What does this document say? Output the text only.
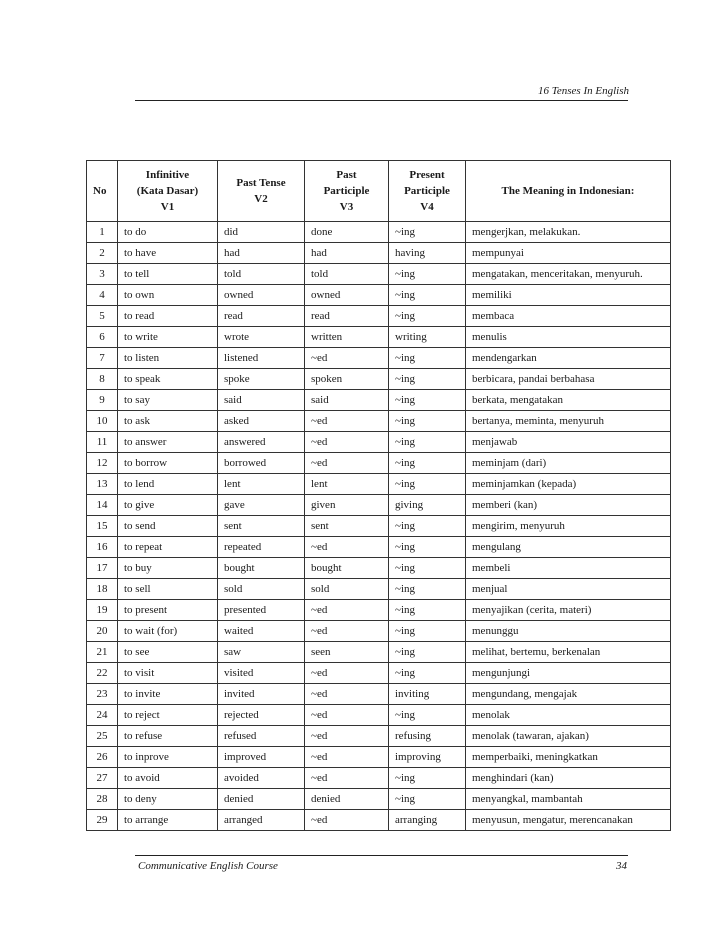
16 Tenses In English
No	Infinitive
(Kata Dasar)
V1	Past Tense
V2	Past
Participle
V3	Present
Participle
V4	The Meaning in Indonesian:
1	to do	did	done	~ing	mengerjkan, melakukan.
2	to have	had	had	having	mempunyai
3	to tell	told	told	~ing	mengatakan, menceritakan, menyuruh.
4	to own	owned	owned	~ing	memiliki
5	to read	read	read	~ing	membaca
6	to write	wrote	written	writing	menulis
7	to listen	listened	~ed	~ing	mendengarkan
8	to speak	spoke	spoken	~ing	berbicara, pandai berbahasa
9	to say	said	said	~ing	berkata, mengatakan
10	to ask	asked	~ed	~ing	bertanya, meminta, menyuruh
11	to answer	answered	~ed	~ing	menjawab
12	to borrow	borrowed	~ed	~ing	meminjam (dari)
13	to lend	lent	lent	~ing	meminjamkan (kepada)
14	to give	gave	given	giving	memberi (kan)
15	to send	sent	sent	~ing	mengirim, menyuruh
16	to repeat	repeated	~ed	~ing	mengulang
17	to buy	bought	bought	~ing	membeli
18	to sell	sold	sold	~ing	menjual
19	to present	presented	~ed	~ing	menyajikan (cerita, materi)
20	to wait (for)	waited	~ed	~ing	menunggu
21	to see	saw	seen	~ing	melihat, bertemu, berkenalan
22	to visit	visited	~ed	~ing	mengunjungi
23	to invite	invited	~ed	inviting	mengundang, mengajak
24	to reject	rejected	~ed	~ing	menolak
25	to refuse	refused	~ed	refusing	menolak (tawaran, ajakan)
26	to inprove	improved	~ed	improving	memperbaiki, meningkatkan
27	to avoid	avoided	~ed	~ing	menghindari (kan)
28	to deny	denied	denied	~ing	menyangkal, mambantah
29	to arrange	arranged	~ed	arranging	menyusun, mengatur, merencanakan
Communicative English Course	34
